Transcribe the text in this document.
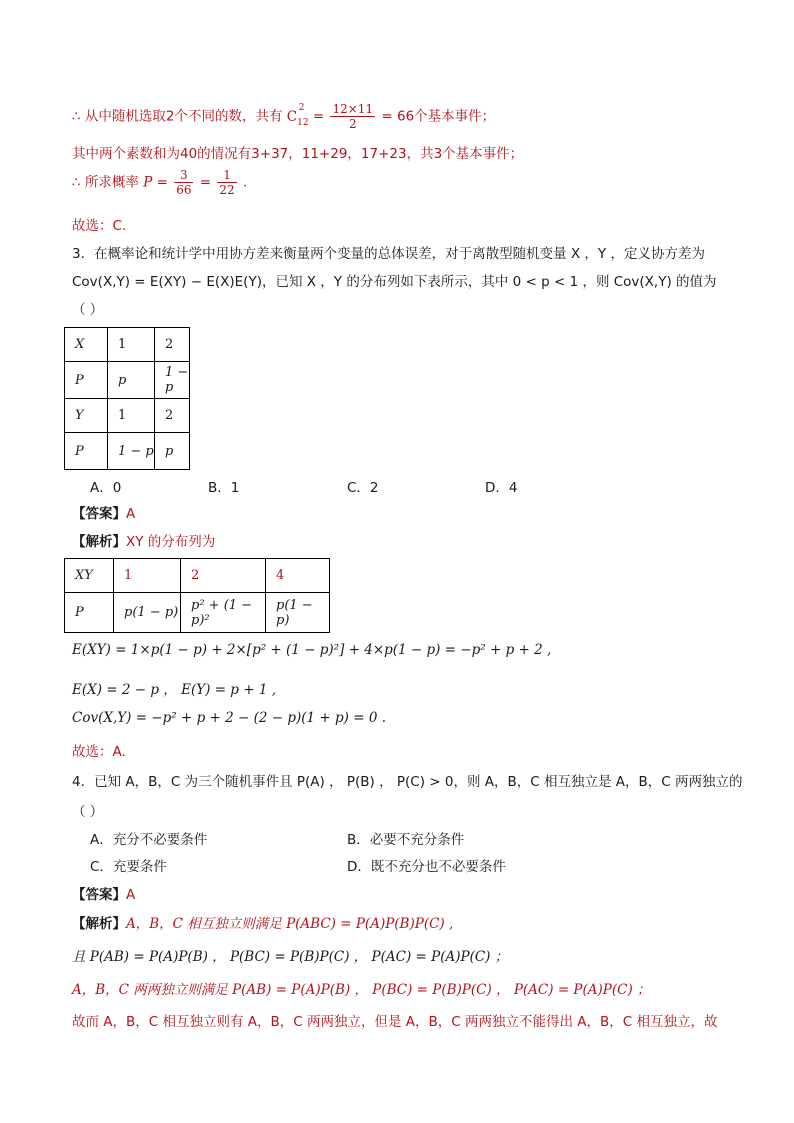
∴ 从中随机选取2个不同的数，共有 C
2
$_{12} = \frac{12\times 11}{2} = 66$个基本事件；
其中两个素数和为40的情况有3+37，11+29，17+23，共3个基本事件；
∴ 所求概率 $P = \frac{3}{66} = \frac{1}{22}$ .
故选：C.
3．在概率论和统计学中用协方差来衡量两个变量的总体误差，对于离散型随机变量 X ，Y ，定义协方差为
Cov(X,Y) = E(XY) − E(X)E(Y)，已知 X ，Y 的分布列如下表所示，其中 0 < p < 1 ，则 Cov(X,Y) 的值为
（ ）
X	1	2
P	p	1 − p
Y	1	2
P	1 − p	p
A．0	B．1	C．2	D．4
【答案】A
【解析】XY 的分布列为
XY	1	2	4
P	p(1 − p)	p² + (1 − p)²	p(1 − p)
E(XY) = 1×p(1 − p) + 2×[p² + (1 − p)²] + 4×p(1 − p) = −p² + p + 2 ,
E(X) = 2 − p ， E(Y) = p + 1 ,
Cov(X,Y) = −p² + p + 2 − (2 − p)(1 + p) = 0 .
故选：A.
4．已知 A，B，C 为三个随机事件且 P(A) ， P(B) ， P(C) > 0，则 A，B，C 相互独立是 A，B，C 两两独立的
（ ）
A．充分不必要条件	B．必要不充分条件
C．充要条件	D．既不充分也不必要条件
【答案】A
【解析】A，B，C 相互独立则满足 P(ABC) = P(A)P(B)P(C) ,
且 P(AB) = P(A)P(B) ， P(BC) = P(B)P(C) ， P(AC) = P(A)P(C) ；
A，B，C 两两独立则满足 P(AB) = P(A)P(B) ， P(BC) = P(B)P(C) ， P(AC) = P(A)P(C) ；
故而 A，B，C 相互独立则有 A，B，C 两两独立，但是 A，B，C 两两独立不能得出 A，B，C 相互独立，故
